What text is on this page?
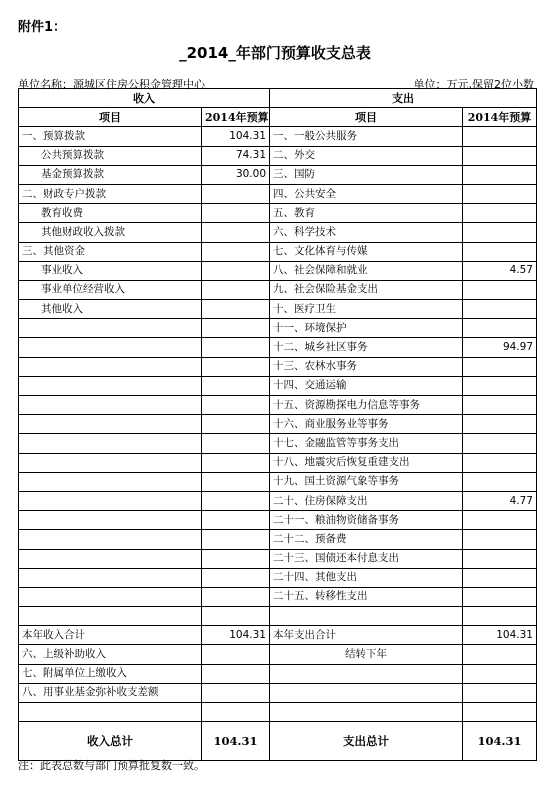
附件1：
_2014_年部门预算收支总表
单位名称：源城区住房公积金管理中心	单位：万元,保留2位小数
收入		支出	
项目	2014年预算	项目	2014年预算
一、预算拨款	104.31	一、一般公共服务	
公共预算拨款	74.31	二、外交	
基金预算拨款	30.00	三、国防	
二、财政专户拨款		四、公共安全	
教育收费		五、教育	
其他财政收入拨款		六、科学技术	
三、其他资金		七、文化体育与传媒	
事业收入		八、社会保障和就业	4.57
事业单位经营收入		九、社会保险基金支出	
其他收入		十、医疗卫生	
		十一、环境保护	
		十二、城乡社区事务	94.97
		十三、农林水事务	
		十四、交通运输	
		十五、资源勘探电力信息等事务	
		十六、商业服务业等事务	
		十七、金融监管等事务支出	
		十八、地震灾后恢复重建支出	
		十九、国土资源气象等事务	
		二十、住房保障支出	4.77
		二十一、粮油物资储备事务	
		二十二、预备费	
		二十三、国债还本付息支出	
		二十四、其他支出	
		二十五、转移性支出	

本年收入合计	104.31	本年支出合计	104.31
六、上级补助收入		结转下年	
七、附属单位上缴收入			
八、用事业基金弥补收支差额			

收入总计	104.31	支出总计	104.31
注：此表总数与部门预算批复数一致。
